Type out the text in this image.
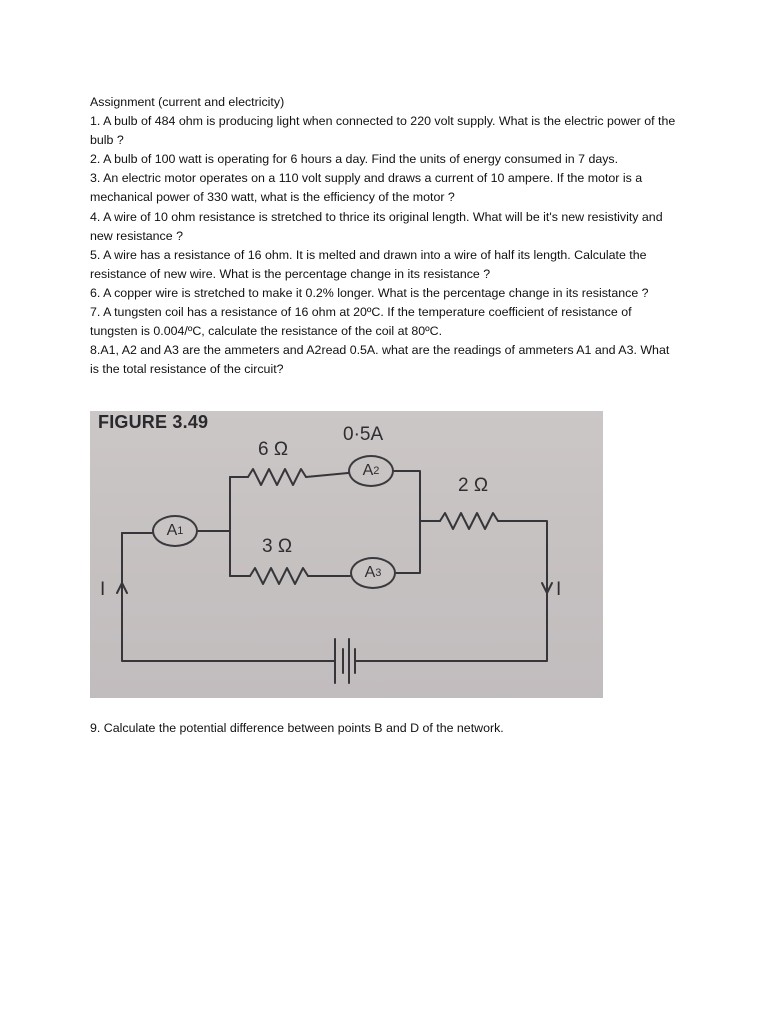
Assignment (current and electricity)

1. A bulb of 484 ohm is producing light when connected to 220 volt supply. What is the electric power of the bulb ?

2. A bulb of 100 watt is operating for 6 hours a day. Find the units of energy consumed in 7 days.

3. An electric motor operates on a 110 volt supply and draws a current of 10 ampere. If the motor is a mechanical power of 330 watt, what is the efficiency of the motor ?

4. A wire of 10 ohm resistance is stretched to thrice its original length. What will be it's new resistivity and new resistance ?

5. A wire has a resistance of 16 ohm. It is melted and drawn into a wire of half its length. Calculate the resistance of new wire. What is the percentage change in its resistance ?

6. A copper wire is stretched to make it 0.2% longer. What is the percentage change in its resistance ?

7. A tungsten coil has a resistance of 16 ohm at 20ºC. If the temperature coefficient of resistance of tungsten is 0.004/ºC, calculate the resistance of the coil at 80ºC.

8.A1, A2 and A3 are the ammeters and A2read 0.5A. what are the readings of ammeters A1 and A3. What is the total resistance of the circuit?

FIGURE 3.49
6 Ω
0·5A
3 Ω
2 Ω
I	I
A 1
A 2
A 3

9. Calculate the potential difference between points B and D of the network.
